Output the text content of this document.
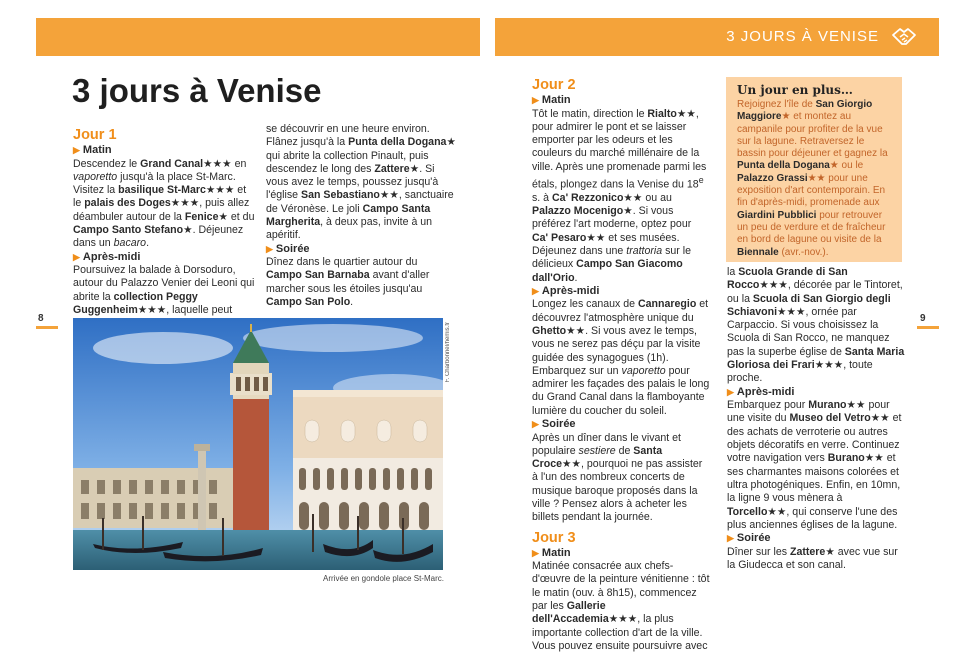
3 JOURS À VENISE
8	9
3 jours à Venise

Jour 1

▶ Matin

Descendez le Grand Canal★★★ en vaporetto jusqu'à la place St-Marc. Visitez la basilique St-Marc★★★ et le palais des Doges★★★, puis allez déambuler autour de la Fenice★ et du Campo Santo Stefano★. Déjeunez dans un bacaro.

▶ Après-midi

Poursuivez la balade à Dorsoduro, autour du Palazzo Venier dei Leoni qui abrite la collection Peggy Guggenheim★★★, laquelle peut

se découvrir en une heure environ. Flânez jusqu'à la Punta della Dogana★ qui abrite la collection Pinault, puis descendez le long des Zattere★. Si vous avez le temps, poussez jusqu'à l'église San Sebastiano★★, sanctuaire de Véronèse. Le joli Campo Santa Margherita, à deux pas, invite à un apéritif.

▶ Soirée

Dînez dans le quartier autour du Campo San Barnaba avant d'aller marcher sous les étoiles jusqu'au Campo San Polo.

F. Charbonnel/hemis.fr
Arrivée en gondole place St-Marc.

Jour 2

▶ Matin

Tôt le matin, direction le Rialto★★, pour admirer le pont et se laisser emporter par les odeurs et les couleurs du marché millénaire de la ville. Après une promenade parmi les étals, plongez dans la Venise du 18e s. à Ca' Rezzonico★★ ou au Palazzo Mocenigo★. Si vous préférez l'art moderne, optez pour Ca' Pesaro★★ et ses musées. Déjeunez dans une trattoria sur le délicieux Campo San Giacomo dall'Orio.

▶ Après-midi

Longez les canaux de Cannaregio et découvrez l'atmosphère unique du Ghetto★★. Si vous avez le temps, vous ne serez pas déçu par la visite guidée des synagogues (1h). Embarquez sur un vaporetto pour admirer les façades des palais le long du Grand Canal dans la flamboyante lumière du coucher du soleil.

▶ Soirée

Après un dîner dans le vivant et populaire sestiere de Santa Croce★★, pourquoi ne pas assister à l'un des nombreux concerts de musique baroque proposés dans la ville ? Pensez alors à acheter les billets pendant la journée.

Jour 3

▶ Matin

Matinée consacrée aux chefs-d'œuvre de la peinture vénitienne : tôt le matin (ouv. à 8h15), commencez par les Gallerie dell'Accademia★★★, la plus importante collection d'art de la ville. Vous pouvez ensuite poursuivre avec

Un jour en plus…

Rejoignez l'île de San Giorgio Maggiore★ et montez au campanile pour profiter de la vue sur la lagune. Retraversez le bassin pour déjeuner et gagnez la Punta della Dogana★ ou le Palazzo Grassi★★ pour une exposition d'art contemporain. En fin d'après-midi, promenade aux Giardini Pubblici pour retrouver un peu de verdure et de fraîcheur en bord de lagune ou visite de la Biennale (avr.-nov.).

la Scuola Grande di San Rocco★★★, décorée par le Tintoret, ou la Scuola di San Giorgio degli Schiavoni★★★, ornée par Carpaccio. Si vous choisissez la Scuola di San Rocco, ne manquez pas la superbe église de Santa Maria Gloriosa dei Frari★★★, toute proche.

▶ Après-midi

Embarquez pour Murano★★ pour une visite du Museo del Vetro★★ et des achats de verroterie ou autres objets décoratifs en verre. Continuez votre navigation vers Burano★★ et ses charmantes maisons colorées et ultra photogéniques. Enfin, en 10mn, la ligne 9 vous mènera à Torcello★★, qui conserve l'une des plus anciennes églises de la lagune.

▶ Soirée

Dîner sur les Zattere★ avec vue sur la Giudecca et son canal.
